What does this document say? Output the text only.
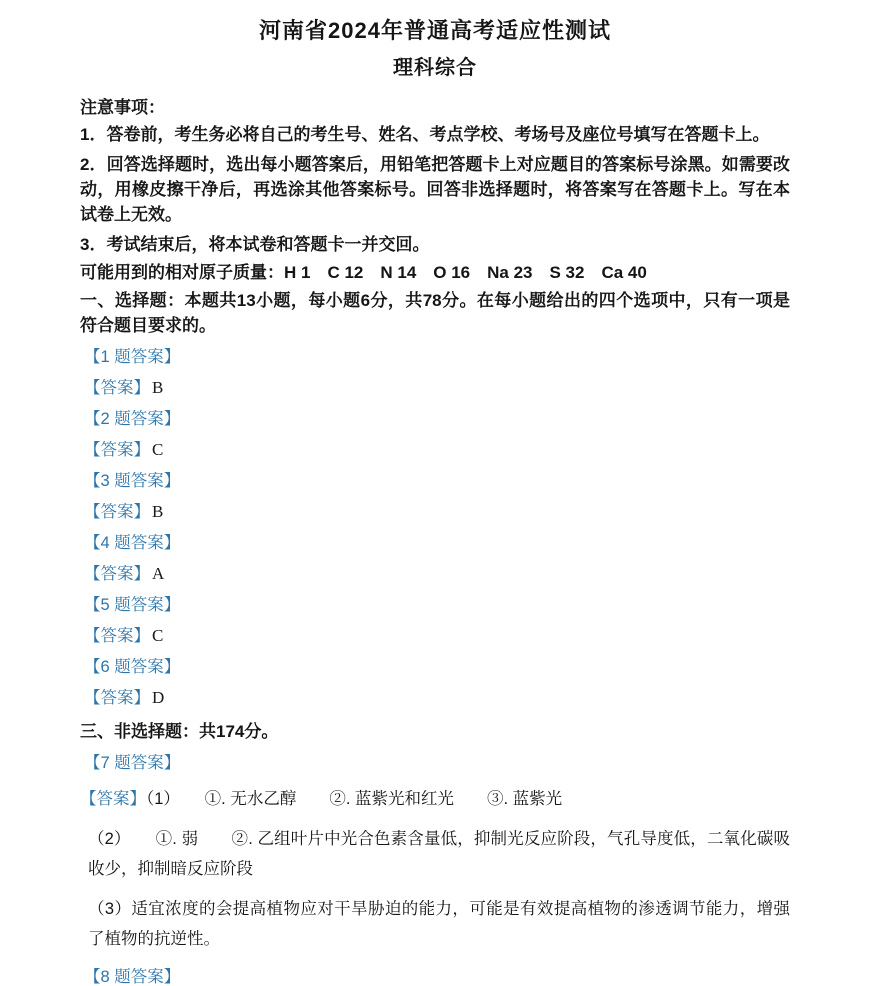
河南省2024年普通高考适应性测试
理科综合
注意事项：

1．答卷前，考生务必将自己的考生号、姓名、考点学校、考场号及座位号填写在答题卡上。

2．回答选择题时，选出每小题答案后，用铅笔把答题卡上对应题目的答案标号涂黑。如需要改动，用橡皮擦干净后，再选涂其他答案标号。回答非选择题时，将答案写在答题卡上。写在本试卷上无效。

3．考试结束后，将本试卷和答题卡一并交回。

可能用到的相对原子质量：H 1　C 12　N 14　O 16　Na 23　S 32　Ca 40

一、选择题：本题共13小题，每小题6分，共78分。在每小题给出的四个选项中，只有一项是符合题目要求的。

【1 题答案】

【答案】 B

【2 题答案】

【答案】 C

【3 题答案】

【答案】 B

【4 题答案】

【答案】 A

【5 题答案】

【答案】 C

【6 题答案】

【答案】 D

三、非选择题：共174分。

【7 题答案】

【答案】（1）　　①. 无水乙醇　　②. 蓝紫光和红光　　③. 蓝紫光

（2）　　①. 弱　　②. 乙组叶片中光合色素含量低，抑制光反应阶段，气孔导度低，二氧化碳吸收少，抑制暗反应阶段

（3）适宜浓度的会提高植物应对干旱胁迫的能力，可能是有效提高植物的渗透调节能力，增强了植物的抗逆性。

【8 题答案】
